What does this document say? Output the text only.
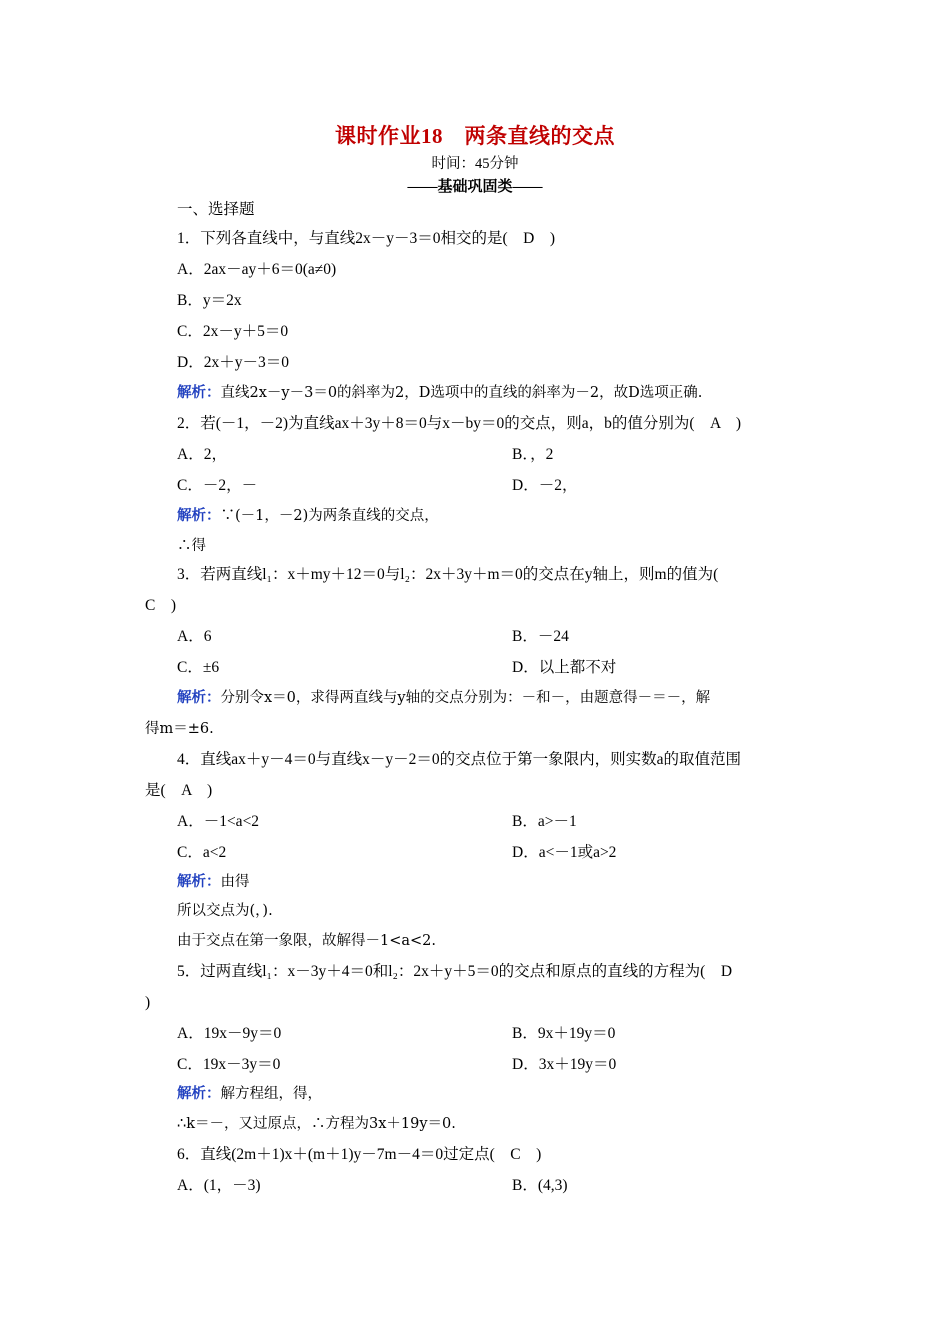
课时作业18　两条直线的交点
时间：45分钟
——基础巩固类——
一、选择题
1．下列各直线中，与直线2x－y－3＝0相交的是(　D　)
A．2ax－ay＋6＝0(a≠0)
B．y＝2x
C．2x－y＋5＝0
D．2x＋y－3＝0
解析：直线2x－y－3＝0的斜率为2，D选项中的直线的斜率为－2，故D选项正确.
2．若(－1，－2)为直线ax＋3y＋8＝0与x－by＝0的交点，则a，b的值分别为(　A　)
A．2，	B．，2
C．－2，－	D．－2，
解析：∵(－1，－2)为两条直线的交点，
∴得
3．若两直线l₁：x＋my＋12＝0与l₂：2x＋3y＋m＝0的交点在y轴上，则m的值为(
C　)
A．6	B．－24
C．±6	D．以上都不对
解析：分别令x＝0，求得两直线与y轴的交点分别为：－和－，由题意得－＝－，解
得m＝±6.
4．直线ax＋y－4＝0与直线x－y－2＝0的交点位于第一象限内，则实数a的取值范围
是(　A　)
A．－1<a<2	B．a>－1
C．a<2	D．a<－1或a>2
解析：由得
所以交点为(，).
由于交点在第一象限，故解得－1<a<2.
5．过两直线l₁：x－3y＋4＝0和l₂：2x＋y＋5＝0的交点和原点的直线的方程为(　D
)
A．19x－9y＝0	B．9x＋19y＝0
C．19x－3y＝0	D．3x＋19y＝0
解析：解方程组，得，
∴k＝－，又过原点，∴方程为3x＋19y＝0.
6．直线(2m＋1)x＋(m＋1)y－7m－4＝0过定点(　C　)
A．(1，－3)	B．(4,3)
